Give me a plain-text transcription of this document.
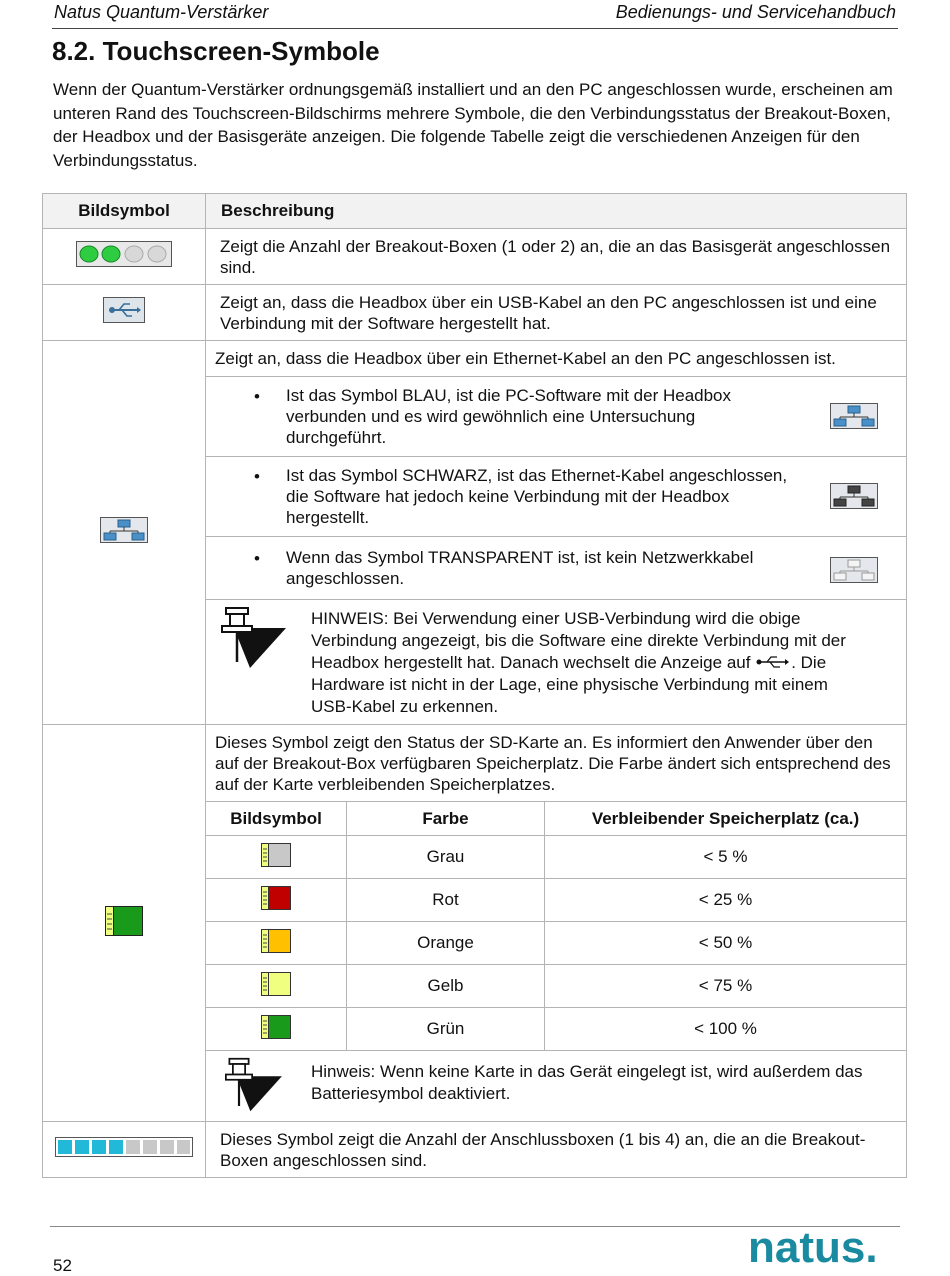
Natus Quantum-Verstärker	Bedienungs- und Servicehandbuch
8.2. Touchscreen-Symbole

Wenn der Quantum-Verstärker ordnungsgemäß installiert und an den PC angeschlossen wurde, erscheinen am unteren Rand des Touchscreen-Bildschirms mehrere Symbole, die den Verbindungsstatus der Breakout-Boxen, der Headbox und der Basisgeräte anzeigen. Die folgende Tabelle zeigt die verschiedenen Anzeigen für den Verbindungsstatus.

Bildsymbol	Beschreibung
	Zeigt die Anzahl der Breakout-Boxen (1 oder 2) an, die an das Basisgerät angeschlossen sind.
	Zeigt an, dass die Headbox über ein USB-Kabel an den PC angeschlossen ist und eine Verbindung mit der Software hergestellt hat.

Zeigt an, dass die Headbox über ein Ethernet-Kabel an den PC angeschlossen ist.

• Ist das Symbol BLAU, ist die PC-Software mit der Headbox verbunden und es wird gewöhnlich eine Untersuchung durchgeführt.

• Ist das Symbol SCHWARZ, ist das Ethernet-Kabel angeschlossen, die Software hat jedoch keine Verbindung mit der Headbox hergestellt.

• Wenn das Symbol TRANSPARENT ist, ist kein Netzwerkkabel angeschlossen.

HINWEIS: Bei Verwendung einer USB-Verbindung wird die obige Verbindung angezeigt, bis die Software eine direkte Verbindung mit der Headbox hergestellt hat. Danach wechselt die Anzeige auf . Die Hardware ist nicht in der Lage, eine physische Verbindung mit einem USB-Kabel zu erkennen.

Dieses Symbol zeigt den Status der SD-Karte an. Es informiert den Anwender über den auf der Breakout-Box verfügbaren Speicherplatz. Die Farbe ändert sich entsprechend des auf der Karte verbleibenden Speicherplatzes.
Bildsymbol	Farbe	Verbleibender Speicherplatz (ca.)
	Grau	< 5 %
	Rot	< 25 %
	Orange	< 50 %
	Gelb	< 75 %
	Grün	< 100 %
Hinweis: Wenn keine Karte in das Gerät eingelegt ist, wird außerdem das Batteriesymbol deaktiviert.

	Dieses Symbol zeigt die Anzahl der Anschlussboxen (1 bis 4) an, die an die Breakout-Boxen angeschlossen sind.
52	natus.
